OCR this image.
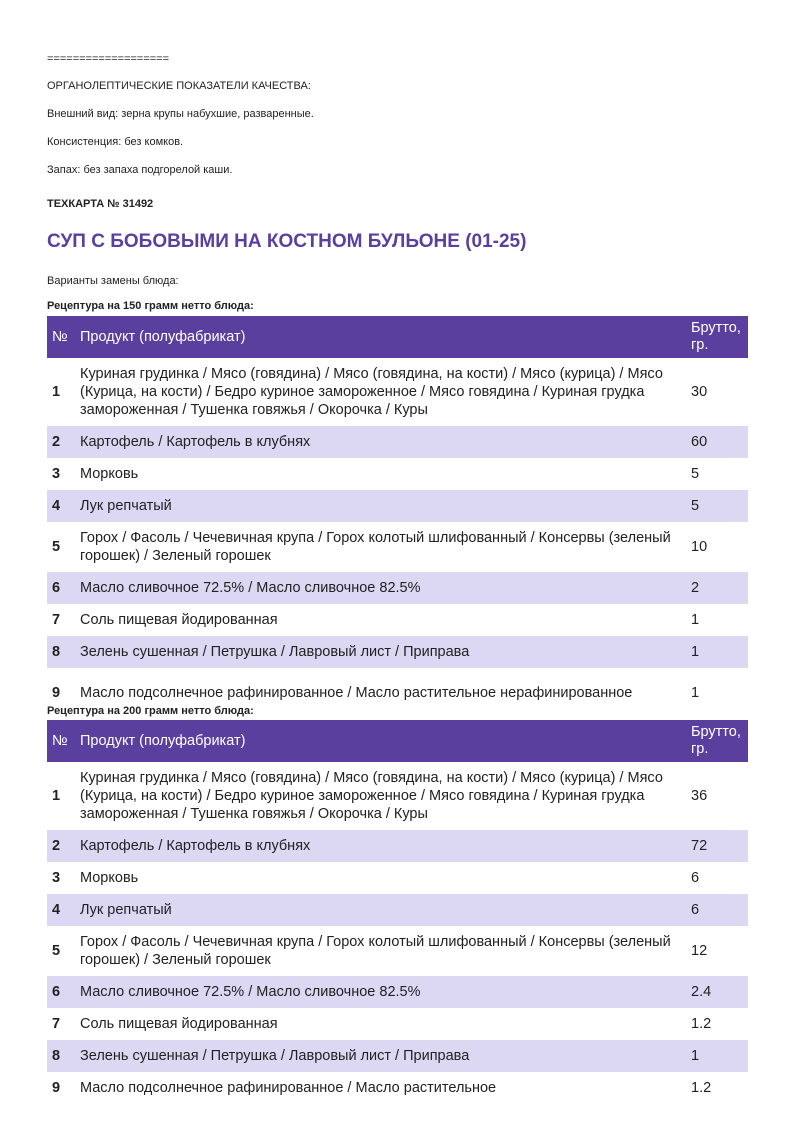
===================
ОРГАНОЛЕПТИЧЕСКИЕ ПОКАЗАТЕЛИ КАЧЕСТВА:
Внешний вид: зерна крупы набухшие, разваренные.
Консистенция: без комков.
Запах: без запаха подгорелой каши.
ТЕХКАРТА № 31492
СУП С БОБОВЫМИ НА КОСТНОМ БУЛЬОНЕ (01-25)
Варианты замены блюда:
Рецептура на 150 грамм нетто блюда:
№	Продукт (полуфабрикат)	Брутто, гр.
1	Куриная грудинка / Мясо (говядина) / Мясо (говядина, на кости) / Мясо (курица) / Мясо (Курица, на кости) / Бедро куриное замороженное / Мясо говядина / Куриная грудка замороженная / Тушенка говяжья / Окорочка / Куры	30
2	Картофель / Картофель в клубнях	60
3	Морковь	5
4	Лук репчатый	5
5	Горох / Фасоль / Чечевичная крупа / Горох колотый шлифованный / Консервы (зеленый горошек) / Зеленый горошек	10
6	Масло сливочное 72.5% / Масло сливочное 82.5%	2
7	Соль пищевая йодированная	1
8	Зелень сушенная / Петрушка / Лавровый лист / Приправа	1
9	Масло подсолнечное рафинированное / Масло растительное нерафинированное	1
Рецептура на 200 грамм нетто блюда:
№	Продукт (полуфабрикат)	Брутто, гр.
1	Куриная грудинка / Мясо (говядина) / Мясо (говядина, на кости) / Мясо (курица) / Мясо (Курица, на кости) / Бедро куриное замороженное / Мясо говядина / Куриная грудка замороженная / Тушенка говяжья / Окорочка / Куры	36
2	Картофель / Картофель в клубнях	72
3	Морковь	6
4	Лук репчатый	6
5	Горох / Фасоль / Чечевичная крупа / Горох колотый шлифованный / Консервы (зеленый горошек) / Зеленый горошек	12
6	Масло сливочное 72.5% / Масло сливочное 82.5%	2.4
7	Соль пищевая йодированная	1.2
8	Зелень сушенная / Петрушка / Лавровый лист / Приправа	1
9	Масло подсолнечное рафинированное / Масло растительное	1.2
